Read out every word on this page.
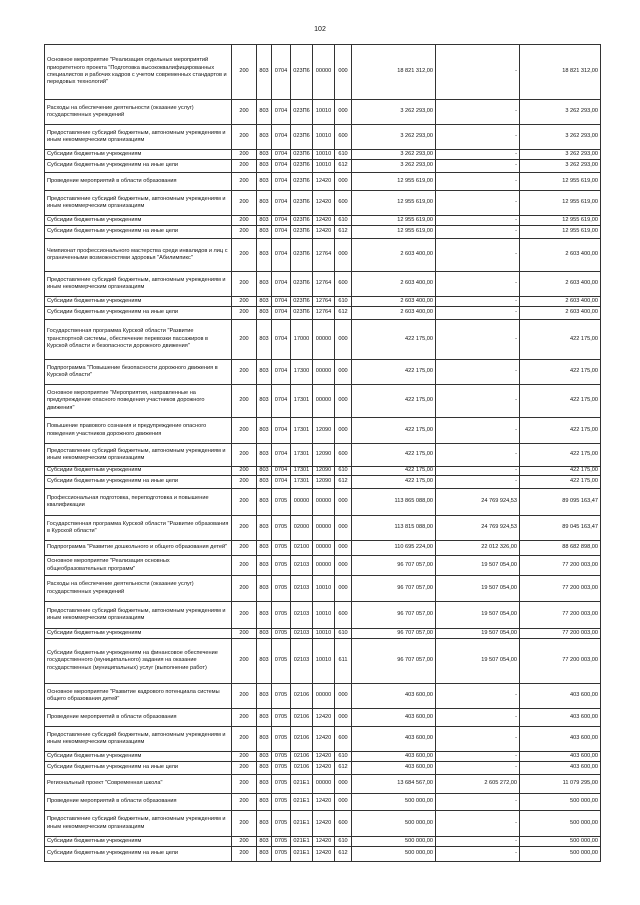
102
Основное мероприятие "Реализация отдельных мероприятий приоритетного проекта "Подготовка высококвалифицированных специалистов и рабочих кадров с учетом современных стандартов и передовых технологий"	200	803	0704	023П6	00000	000	18 821 312,00	-	18 821 312,00
Расходы на обеспечение деятельности (оказание услуг) государственных учреждений	200	803	0704	023П6	10010	000	3 262 293,00	-	3 262 293,00
Предоставление субсидий бюджетным, автономным учреждениям и иным некоммерческим организациям	200	803	0704	023П6	10010	600	3 262 293,00	-	3 262 293,00
Субсидии бюджетным учреждениям	200	803	0704	023П6	10010	610	3 262 293,00	-	3 262 293,00
Субсидии бюджетным учреждениям на иные цели	200	803	0704	023П6	10010	612	3 262 293,00	-	3 262 293,00
Проведение мероприятий в области образования	200	803	0704	023П6	12420	000	12 955 619,00	-	12 955 619,00
Предоставление субсидий бюджетным, автономным учреждениям и иным некоммерческим организациям	200	803	0704	023П6	12420	600	12 955 619,00	-	12 955 619,00
Субсидии бюджетным учреждениям	200	803	0704	023П6	12420	610	12 955 619,00	-	12 955 619,00
Субсидии бюджетным учреждениям на иные цели	200	803	0704	023П6	12420	612	12 955 619,00	-	12 955 619,00
Чемпионат профессионального мастерства среди инвалидов и лиц с ограниченными возможностями здоровья "Абилимпикс"	200	803	0704	023П6	12764	000	2 603 400,00	-	2 603 400,00
Предоставление субсидий бюджетным, автономным учреждениям и иным некоммерческим организациям	200	803	0704	023П6	12764	600	2 603 400,00	-	2 603 400,00
Субсидии бюджетным учреждениям	200	803	0704	023П6	12764	610	2 603 400,00	-	2 603 400,00
Субсидии бюджетным учреждениям на иные цели	200	803	0704	023П6	12764	612	2 603 400,00	-	2 603 400,00
Государственная программа Курской области "Развитие транспортной системы, обеспечение перевозки пассажиров в Курской области и безопасности дорожного движения"	200	803	0704	17000	00000	000	422 175,00	-	422 175,00
Подпрограмма "Повышение безопасности дорожного движения в Курской области"	200	803	0704	17300	00000	000	422 175,00	-	422 175,00
Основное мероприятие "Мероприятия, направленные на предупреждение опасного поведения участников дорожного движения"	200	803	0704	17301	00000	000	422 175,00	-	422 175,00
Повышение правового сознания и предупреждение опасного поведения участников дорожного движения	200	803	0704	17301	12090	000	422 175,00	-	422 175,00
Предоставление субсидий бюджетным, автономным учреждениям и иным некоммерческим организациям	200	803	0704	17301	12090	600	422 175,00	-	422 175,00
Субсидии бюджетным учреждениям	200	803	0704	17301	12090	610	422 175,00	-	422 175,00
Субсидии бюджетным учреждениям на иные цели	200	803	0704	17301	12090	612	422 175,00	-	422 175,00
Профессиональная подготовка, переподготовка и повышение квалификации	200	803	0705	00000	00000	000	113 865 088,00	24 769 924,53	89 095 163,47
Государственная программа Курской области "Развитие образования в Курской области"	200	803	0705	02000	00000	000	113 815 088,00	24 769 924,53	89 045 163,47
Подпрограмма "Развитие дошкольного и общего образования детей"	200	803	0705	02100	00000	000	110 695 224,00	22 012 326,00	88 682 898,00
Основное мероприятие "Реализация основных общеобразовательных программ"	200	803	0705	02103	00000	000	96 707 057,00	19 507 054,00	77 200 003,00
Расходы на обеспечение деятельности (оказание услуг) государственных учреждений	200	803	0705	02103	10010	000	96 707 057,00	19 507 054,00	77 200 003,00
Предоставление субсидий бюджетным, автономным учреждениям и иным некоммерческим организациям	200	803	0705	02103	10010	600	96 707 057,00	19 507 054,00	77 200 003,00
Субсидии бюджетным учреждениям	200	803	0705	02103	10010	610	96 707 057,00	19 507 054,00	77 200 003,00
Субсидии бюджетным учреждениям на финансовое обеспечение государственного (муниципального) задания на оказание государственных (муниципальных) услуг (выполнение работ)	200	803	0705	02103	10010	611	96 707 057,00	19 507 054,00	77 200 003,00
Основное мероприятие "Развитие кадрового потенциала системы общего образования детей"	200	803	0705	02106	00000	000	403 600,00	-	403 600,00
Проведение мероприятий в области образования	200	803	0705	02106	12420	000	403 600,00	-	403 600,00
Предоставление субсидий бюджетным, автономным учреждениям и иным некоммерческим организациям	200	803	0705	02106	12420	600	403 600,00	-	403 600,00
Субсидии бюджетным учреждениям	200	803	0705	02106	12420	610	403 600,00	-	403 600,00
Субсидии бюджетным учреждениям на иные цели	200	803	0705	02106	12420	612	403 600,00	-	403 600,00
Региональный проект "Современная школа"	200	803	0705	021E1	00000	000	13 684 567,00	2 605 272,00	11 079 295,00
Проведение мероприятий в области образования	200	803	0705	021E1	12420	000	500 000,00	-	500 000,00
Предоставление субсидий бюджетным, автономным учреждениям и иным некоммерческим организациям	200	803	0705	021E1	12420	600	500 000,00	-	500 000,00
Субсидии бюджетным учреждениям	200	803	0705	021E1	12420	610	500 000,00	-	500 000,00
Субсидии бюджетным учреждениям на иные цели	200	803	0705	021E1	12420	612	500 000,00	-	500 000,00
